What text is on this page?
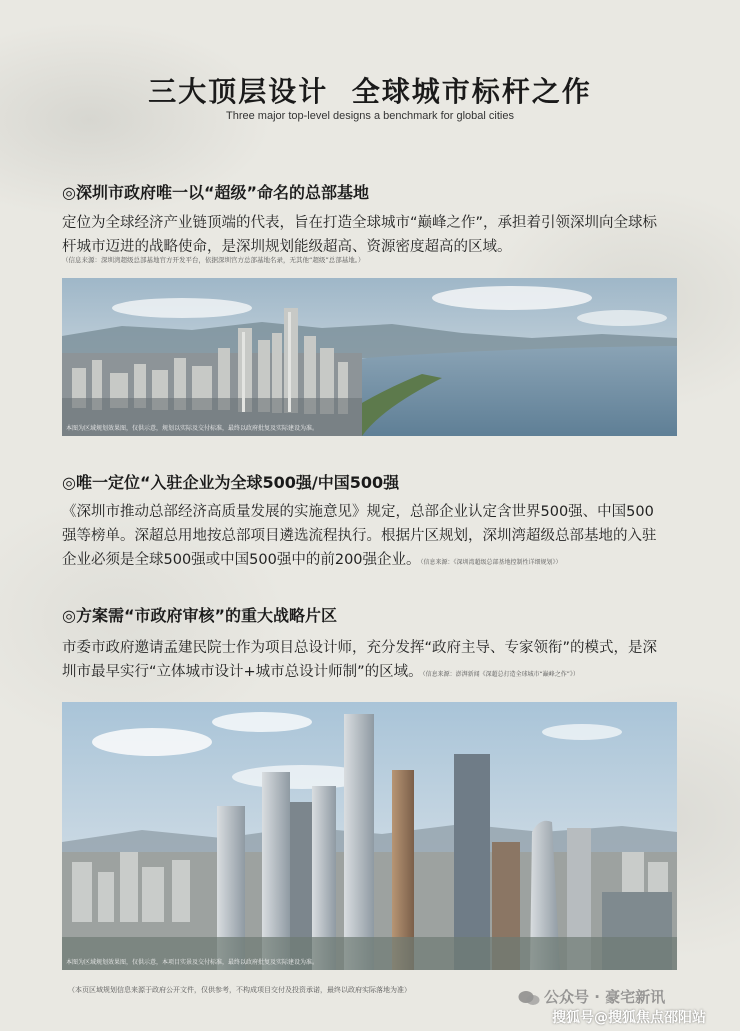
三大顶层设计  全球城市标杆之作
Three major top-level designs a benchmark for global cities
◎深圳市政府唯一以“超级”命名的总部基地
定位为全球经济产业链顶端的代表，旨在打造全球城市“巅峰之作”，承担着引领深圳向全球标
杆城市迈进的战略使命，是深圳规划能级超高、资源密度超高的区域。
（信息来源：深圳湾超级总部基地官方开发平台，依据深圳官方总部基地名录，无其他“超级”总部基地。）
本图为区域规划效果图，仅供示意，规划以实际及交付标准，最终以政府批复及实际建设为准。
◎唯一定位“入驻企业为全球500强/中国500强
《深圳市推动总部经济高质量发展的实施意见》规定，总部企业认定含世界500强、中国500
强等榜单。深超总用地按总部项目遴选流程执行。根据片区规划，深圳湾超级总部基地的入驻
企业必须是全球500强或中国500强中的前200强企业。（信息来源：《深圳湾超级总部基地控制性详细规划》）
◎方案需“市政府审核”的重大战略片区
市委市政府邀请孟建民院士作为项目总设计师，充分发挥“政府主导、专家领衔”的模式，是深
圳市最早实行“立体城市设计+城市总设计师制”的区域。（信息来源：澎湃新闻《深超总打造全球城市“巅峰之作”》）
本图为区域规划效果图，仅供示意，本项目实景及交付标准，最终以政府批复及实际建设为准。
（本页区域规划信息来源于政府公开文件，仅供参考，不构成项目交付及投资承诺，最终以政府实际落地为准）	公众号 · 豪宅新讯
搜狐号@搜狐焦点邵阳站
